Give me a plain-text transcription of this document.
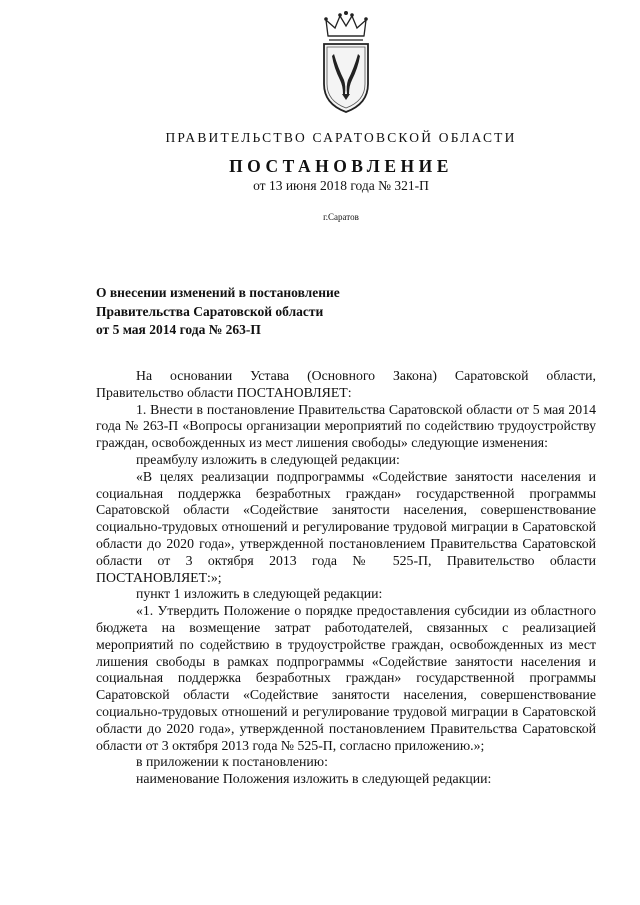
ПРАВИТЕЛЬСТВО САРАТОВСКОЙ ОБЛАСТИ
ПОСТАНОВЛЕНИЕ
от 13 июня 2018 года № 321-П
г.Саратов
О внесении изменений в постановление
Правительства Саратовской области
от 5 мая 2014 года № 263-П

На основании Устава (Основного Закона) Саратовской области, Правительство области ПОСТАНОВЛЯЕТ:

1. Внести в постановление Правительства Саратовской области от 5 мая 2014 года № 263-П «Вопросы организации мероприятий по содействию трудоустройству граждан, освобожденных из мест лишения свободы» следующие изменения:

преамбулу изложить в следующей редакции:

«В целях реализации подпрограммы «Содействие занятости населения и социальная поддержка безработных граждан» государственной программы Саратовской области «Содействие занятости населения, совершенствование социально-трудовых отношений и регулирование трудовой миграции в Саратовской области до 2020 года», утвержденной постановлением Правительства Саратовской области от 3 октября 2013 года № 525-П, Правительство области ПОСТАНОВЛЯЕТ:»;

пункт 1 изложить в следующей редакции:

«1. Утвердить Положение о порядке предоставления субсидии из областного бюджета на возмещение затрат работодателей, связанных с реализацией мероприятий по содействию в трудоустройстве граждан, освобожденных из мест лишения свободы в рамках подпрограммы «Содействие занятости населения и социальная поддержка безработных граждан» государственной программы Саратовской области «Содействие занятости населения, совершенствование социально-трудовых отношений и регулирование трудовой миграции в Саратовской области до 2020 года», утвержденной постановлением Правительства Саратовской области от 3 октября 2013 года № 525-П, согласно приложению.»;

в приложении к постановлению:

наименование Положения изложить в следующей редакции:
